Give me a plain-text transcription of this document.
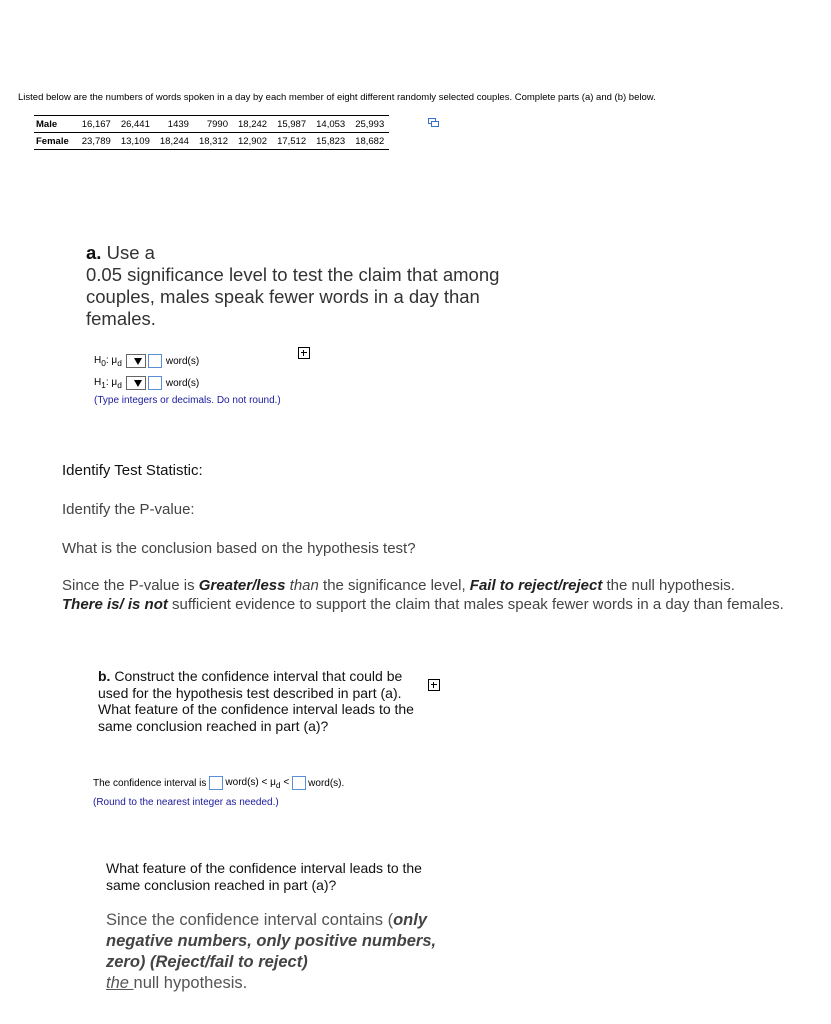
Listed below are the numbers of words spoken in a day by each member of eight different randomly selected couples. Complete parts (a) and (b) below.
Male	16,167	26,441	1439	7990	18,242	15,987	14,053	25,993
Female	23,789	13,109	18,244	18,312	12,902	17,512	15,823	18,682
a. Use a
0.05 significance level to test the claim that among couples, males speak fewer words in a day than females.
$H_0$: $\mu_d$	word(s)
$H_1$: $\mu_d$	word(s)
(Type integers or decimals. Do not round.)
Identify Test Statistic:
Identify the P-value:
What is the conclusion based on the hypothesis test?
Since the P-value is Greater/less than the significance level, Fail to reject/reject the null hypothesis.
There is/ is not sufficient evidence to support the claim that males speak fewer words in a day than females.
b. Construct the confidence interval that could be used for the hypothesis test described in part (a). What feature of the confidence interval leads to the same conclusion reached in part (a)?
The confidence interval is word(s) < $\mu_d$ < word(s).
(Round to the nearest integer as needed.)
What feature of the confidence interval leads to the same conclusion reached in part (a)?
Since the confidence interval contains (only negative numbers, only positive numbers, zero) (Reject/fail to reject)
the null hypothesis.
